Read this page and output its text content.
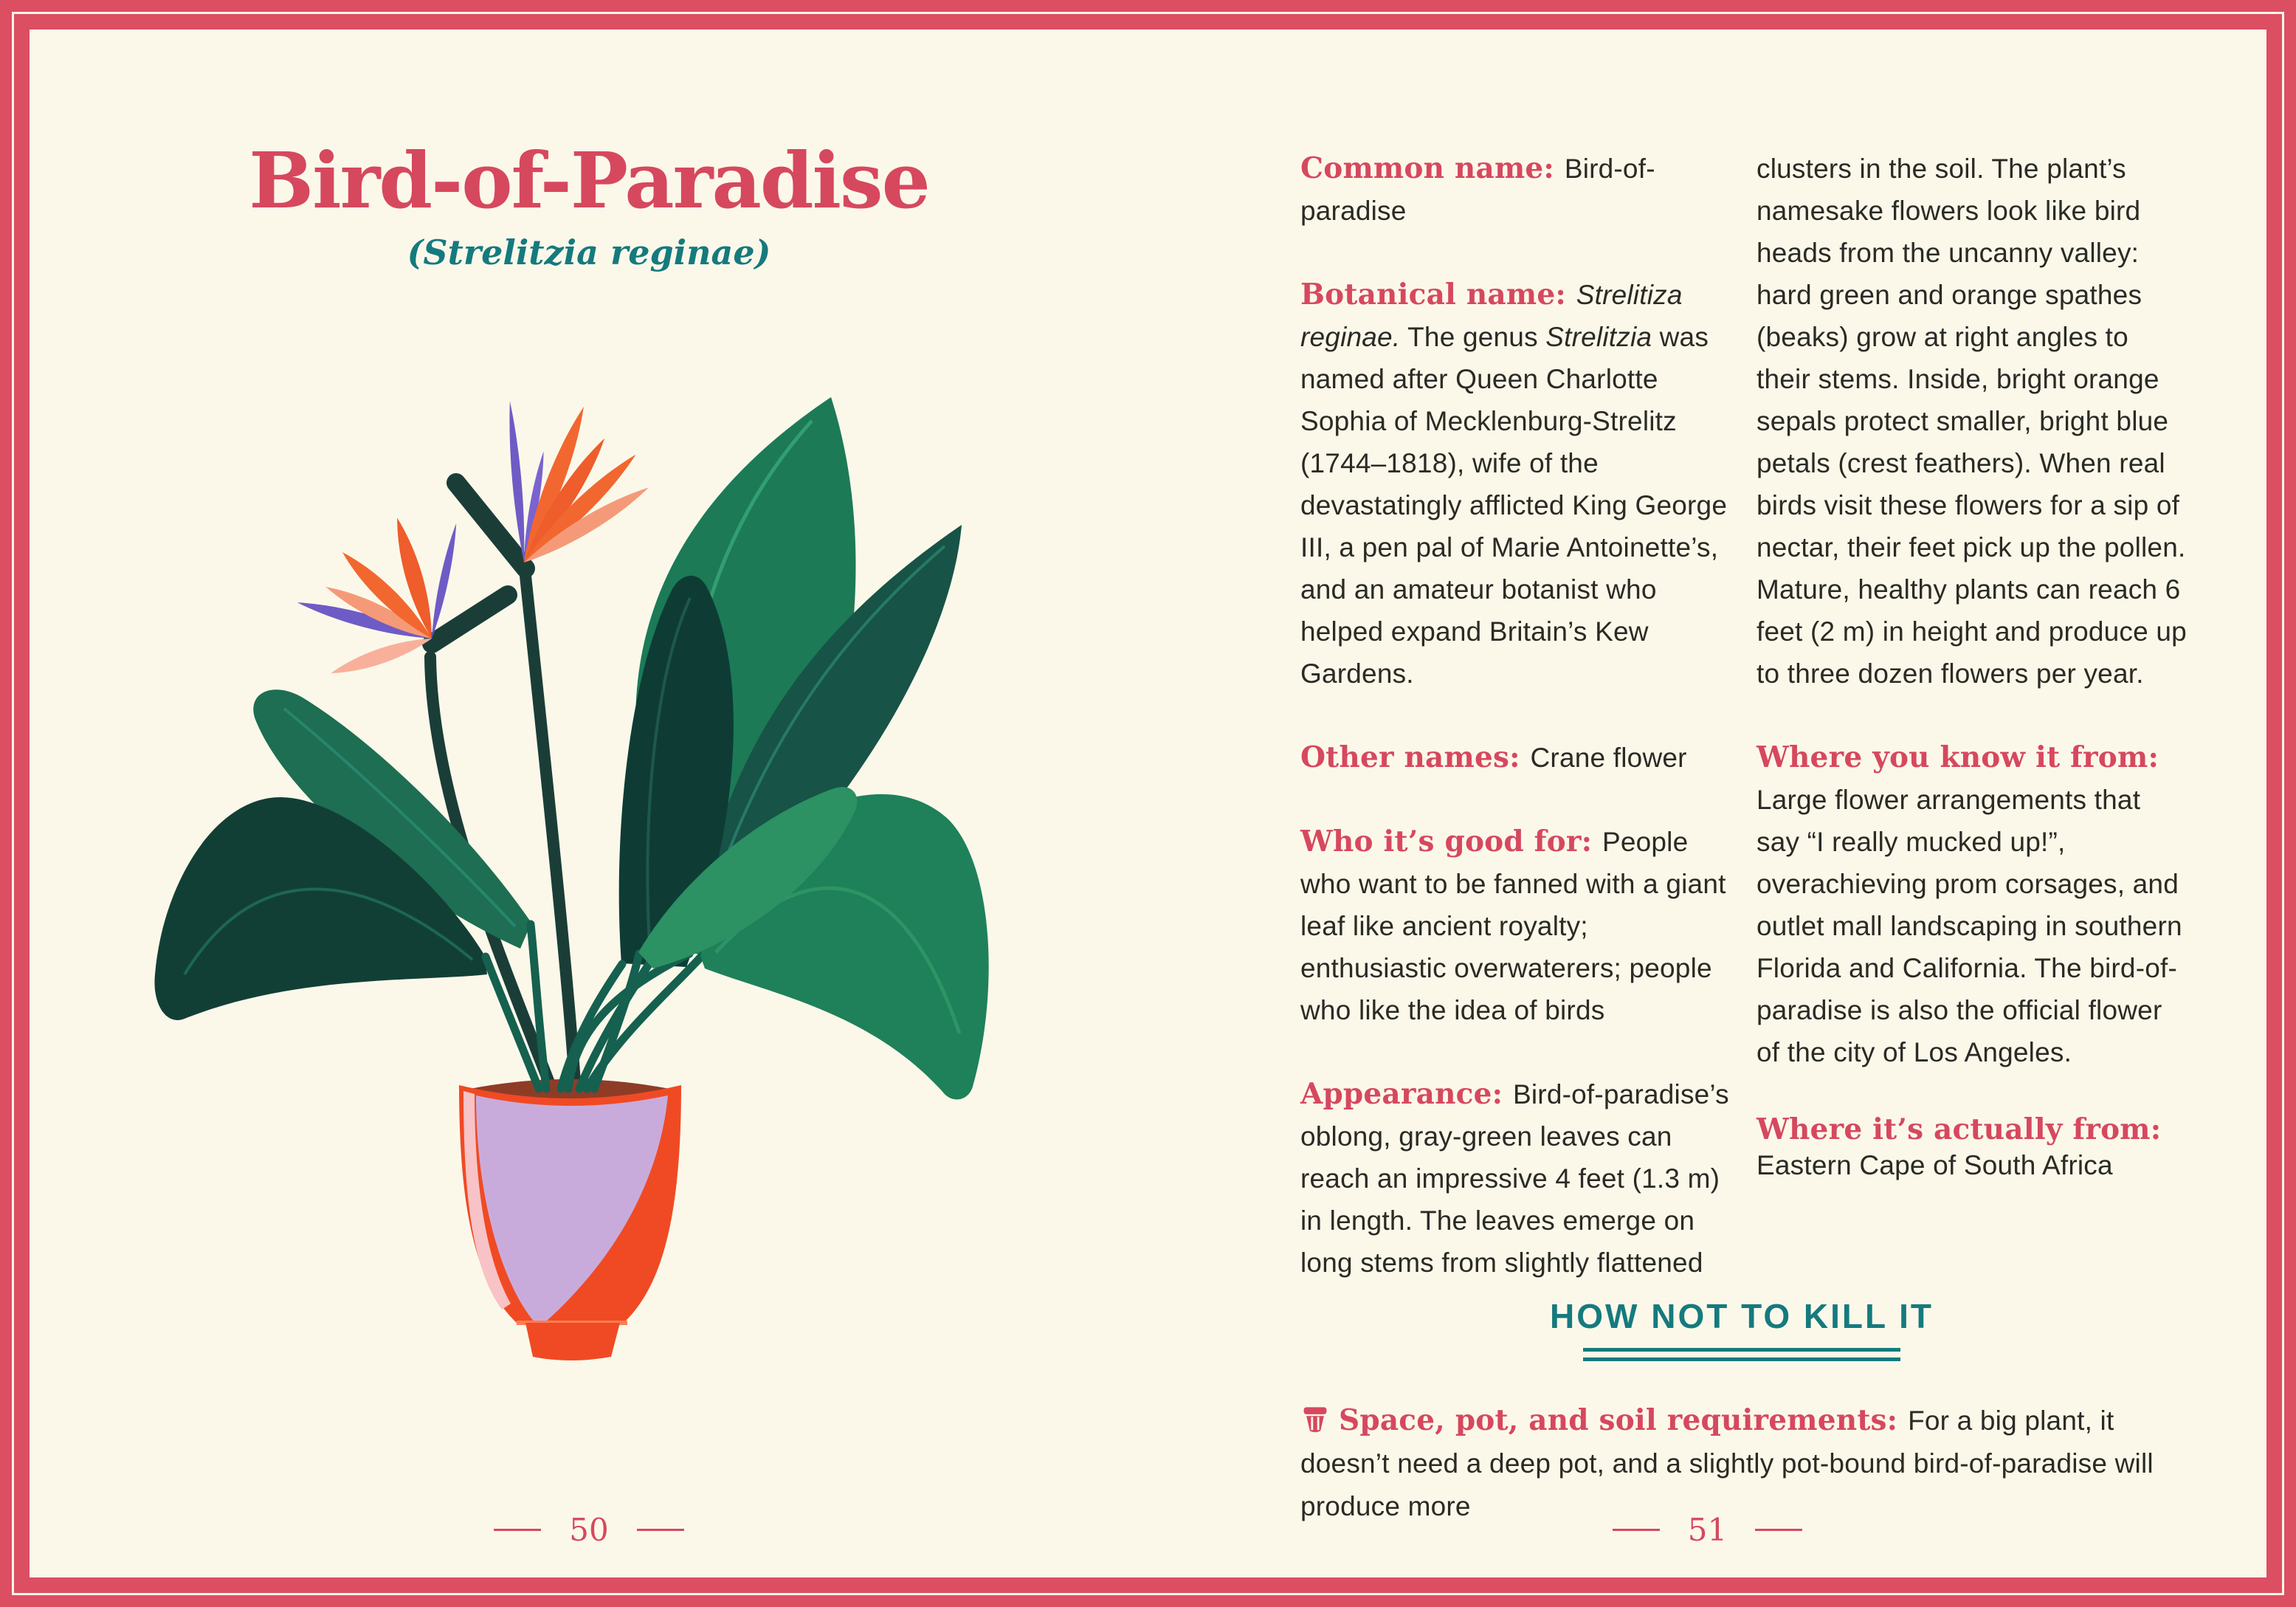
Bird-of-Paradise
(Strelitzia reginae)
50

Common name: Bird-of-paradise

Botanical name: Strelitiza reginae. The genus Strelitzia was named after Queen Charlotte Sophia of Mecklenburg-Strelitz (1744–1818), wife of the devastatingly afflicted King George III, a pen pal of Marie Antoinette’s, and an amateur botanist who helped expand Britain’s Kew Gardens.

Other names: Crane flower

Who it’s good for: People who want to be fanned with a giant leaf like ancient royalty; enthusiastic overwaterers; people who like the idea of birds

Appearance: Bird-of-paradise’s oblong, gray-green leaves can reach an impressive 4 feet (1.3 m) in length. The leaves emerge on long stems from slightly flattened

clusters in the soil. The plant’s namesake flowers look like bird heads from the uncanny valley: hard green and orange spathes (beaks) grow at right angles to their stems. Inside, bright orange sepals protect smaller, bright blue petals (crest feathers). When real birds visit these flowers for a sip of nectar, their feet pick up the pollen. Mature, healthy plants can reach 6 feet (2 m) in height and produce up to three dozen flowers per year.

Where you know it from: Large flower arrangements that say “I really mucked up!”, overachieving prom corsages, and outlet mall landscaping in southern Florida and California. The bird-of-paradise is also the official flower of the city of Los Angeles.

Where it’s actually from:
Eastern Cape of South Africa

HOW NOT TO KILL IT

Space, pot, and soil requirements: For a big plant, it doesn’t need a deep pot, and a slightly pot-bound bird-of-paradise will produce more

51
